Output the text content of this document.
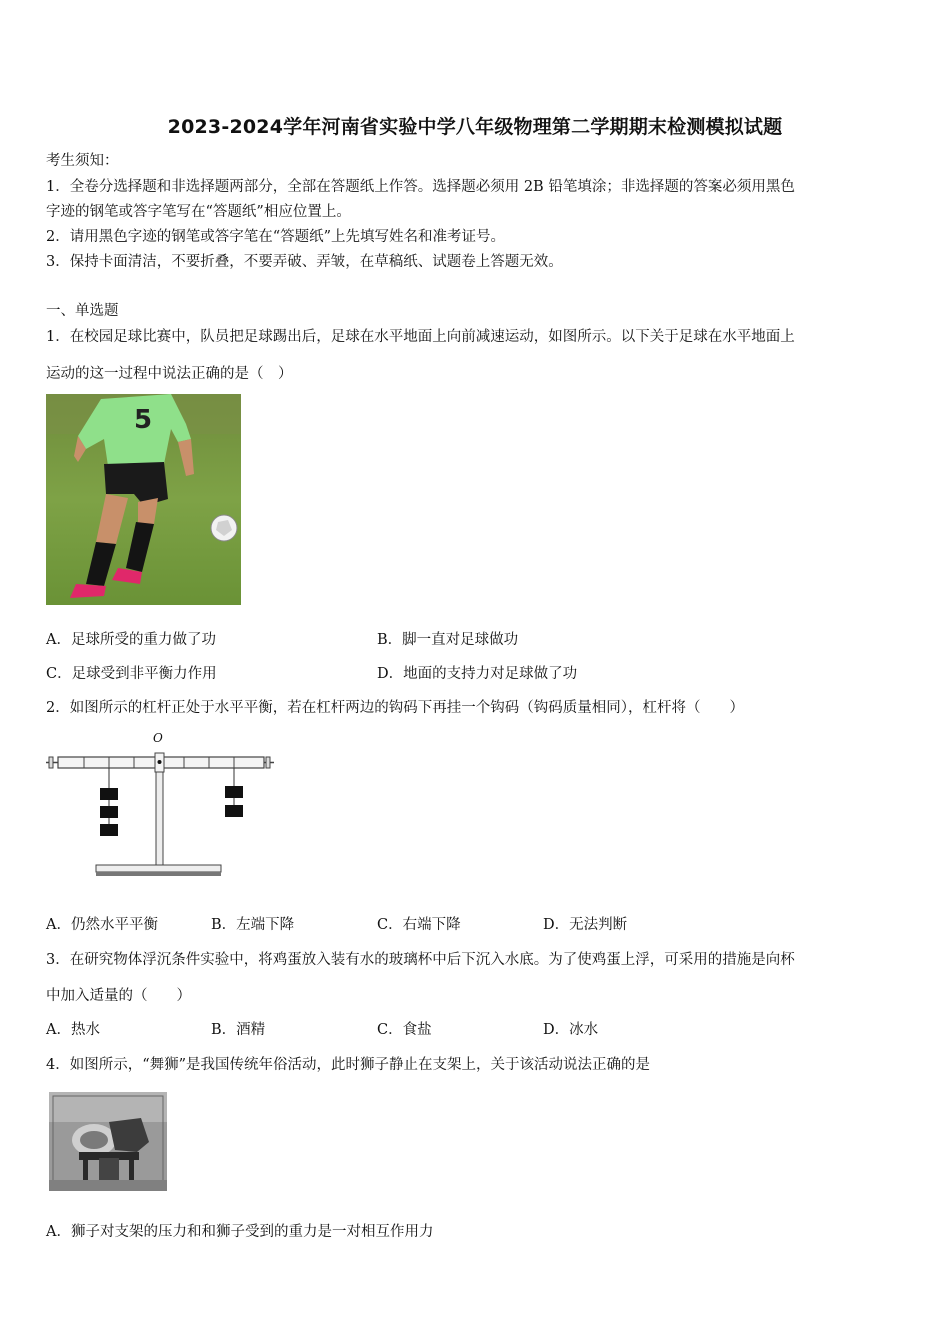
2023-2024学年河南省实验中学八年级物理第二学期期末检测模拟试题
考生须知：
1．全卷分选择题和非选择题两部分，全部在答题纸上作答。选择题必须用 2B 铅笔填涂；非选择题的答案必须用黑色
字迹的钢笔或答字笔写在“答题纸”相应位置上。
2．请用黑色字迹的钢笔或答字笔在“答题纸”上先填写姓名和准考证号。
3．保持卡面清洁，不要折叠，不要弄破、弄皱，在草稿纸、试题卷上答题无效。
一、单选题
1．在校园足球比赛中，队员把足球踢出后，足球在水平地面上向前减速运动，如图所示。以下关于足球在水平地面上
运动的这一过程中说法正确的是（　）
5
A．足球所受的重力做了功	B．脚一直对足球做功
C．足球受到非平衡力作用	D．地面的支持力对足球做了功
2．如图所示的杠杆正处于水平平衡，若在杠杆两边的钩码下再挂一个钩码（钩码质量相同），杠杆将（　　）
O
A．仍然水平平衡	B．左端下降	C．右端下降	D．无法判断
3．在研究物体浮沉条件实验中，将鸡蛋放入装有水的玻璃杯中后下沉入水底。为了使鸡蛋上浮，可采用的措施是向杯
中加入适量的（　　）
A．热水	B．酒精	C．食盐	D．冰水
4．如图所示，“舞狮”是我国传统年俗活动，此时狮子静止在支架上，关于该活动说法正确的是
A．狮子对支架的压力和和狮子受到的重力是一对相互作用力
